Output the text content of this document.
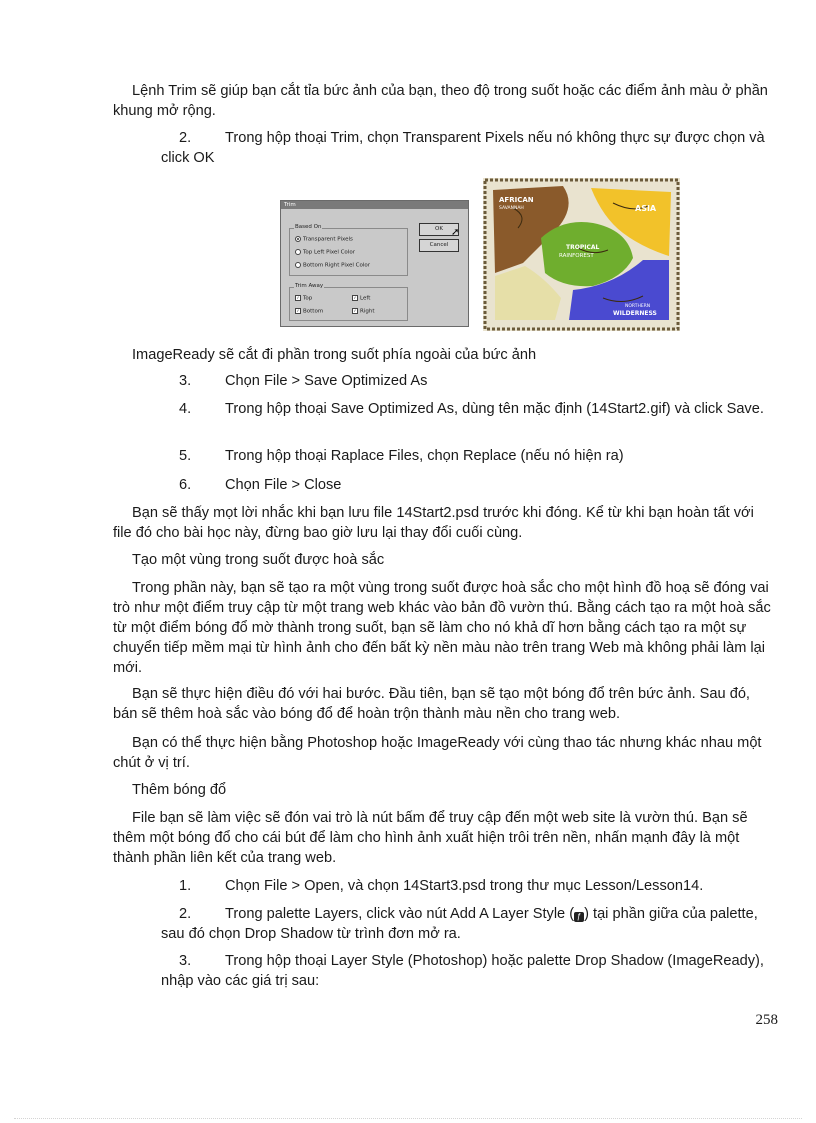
Lệnh Trim sẽ giúp bạn cắt tỉa bức ảnh của bạn, theo độ trong suốt hoặc các điểm ảnh màu ở phần khung mở rộng.

2. Trong hộp thoại Trim, chọn Transparent Pixels nếu nó không thực sự được chọn và click OK
Trim
Based On
Transparent Pixels
Top Left Pixel Color
Bottom Right Pixel Color
Trim Away
✓ Top	✓ Left
✓ Bottom	✓ Right
OK ➚
Cancel
AFRICAN
SAVANNAH	ASIA
TROPICAL
RAINFOREST
NORTHERN
WILDERNESS

ImageReady sẽ cắt đi phần trong suốt phía ngoài của bức ảnh

3. Chọn File > Save Optimized As
4. Trong hộp thoại Save Optimized As, dùng tên mặc định (14Start2.gif) và click Save.
5. Trong hộp thoại Raplace Files, chọn Replace (nếu nó hiện ra)
6. Chọn File > Close

Bạn sẽ thấy mọt lời nhắc khi bạn lưu file 14Start2.psd trước khi đóng. Kể từ khi bạn hoàn tất với file đó cho bài học này, đừng bao giờ lưu lại thay đổi cuối cùng.

Tạo một vùng trong suốt được hoà sắc

Trong phần này, bạn sẽ tạo ra một vùng trong suốt được hoà sắc cho một hình đồ hoạ sẽ đóng vai trò như một điểm truy cập từ một trang web khác vào bản đồ vườn thú. Bằng cách tạo ra một hoà sắc từ một điểm bóng đổ mờ thành trong suốt, bạn sẽ làm cho nó khả dĩ hơn bằng cách tạo ra một sự chuyển tiếp mềm mại từ hình ảnh cho đến bất kỳ nền màu nào trên trang Web mà không phải làm lại mới.

Bạn sẽ thực hiện điều đó với hai bước. Đầu tiên, bạn sẽ tạo một bóng đổ trên bức ảnh. Sau đó, bán sẽ thêm hoà sắc vào bóng đổ để hoàn trộn thành màu nền cho trang web.

Bạn có thể thực hiện bằng Photoshop hoặc ImageReady với cùng thao tác nhưng khác nhau một chút ở vị trí.

Thêm bóng đổ

File bạn sẽ làm việc sẽ đón vai trò là nút bấm để truy cập đến một web site là vườn thú. Bạn sẽ thêm một bóng đổ cho cái bút để làm cho hình ảnh xuất hiện trôi trên nền, nhấn mạnh đây là một thành phần liên kết của trang web.

1. Chọn File > Open, và chọn 14Start3.psd trong thư mục Lesson/Lesson14.
2. Trong palette Layers, click vào nút Add A Layer Style ( ƒ ) tại phần giữa của palette, sau đó chọn Drop Shadow từ trình đơn mở ra.
3. Trong hộp thoại Layer Style (Photoshop) hoặc palette Drop Shadow (ImageReady), nhập vào các giá trị sau:
258
